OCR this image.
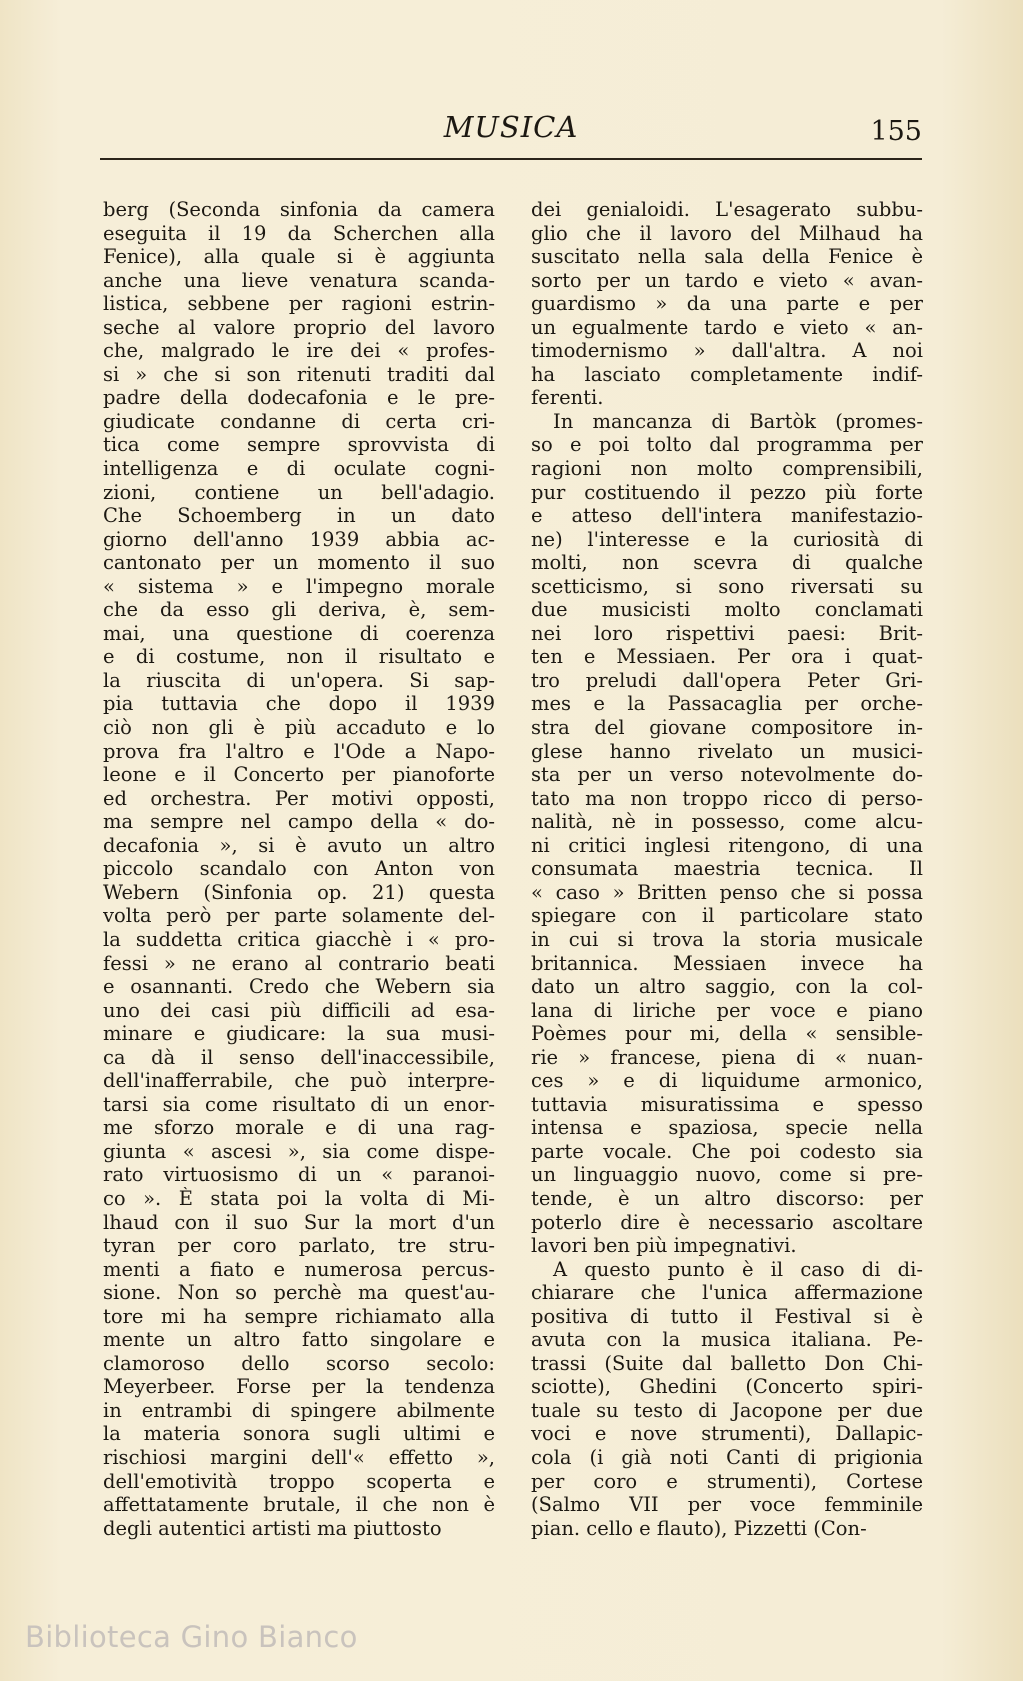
MUSICA	155
berg (Seconda sinfonia da camera
eseguita il 19 da Scherchen alla
Fenice), alla quale si è aggiunta
anche una lieve venatura scanda-
listica, sebbene per ragioni estrin-
seche al valore proprio del lavoro
che, malgrado le ire dei « profes-
si » che si son ritenuti traditi dal
padre della dodecafonia e le pre-
giudicate condanne di certa cri-
tica come sempre sprovvista di
intelligenza e di oculate cogni-
zioni, contiene un bell'adagio.
Che Schoemberg in un dato
giorno dell'anno 1939 abbia ac-
cantonato per un momento il suo
« sistema » e l'impegno morale
che da esso gli deriva, è, sem-
mai, una questione di coerenza
e di costume, non il risultato e
la riuscita di un'opera. Si sap-
pia tuttavia che dopo il 1939
ciò non gli è più accaduto e lo
prova fra l'altro e l'Ode a Napo-
leone e il Concerto per pianoforte
ed orchestra. Per motivi opposti,
ma sempre nel campo della « do-
decafonia », si è avuto un altro
piccolo scandalo con Anton von
Webern (Sinfonia op. 21) questa
volta però per parte solamente del-
la suddetta critica giacchè i « pro-
fessi » ne erano al contrario beati
e osannanti. Credo che Webern sia
uno dei casi più difficili ad esa-
minare e giudicare: la sua musi-
ca dà il senso dell'inaccessibile,
dell'inafferrabile, che può interpre-
tarsi sia come risultato di un enor-
me sforzo morale e di una rag-
giunta « ascesi », sia come dispe-
rato virtuosismo di un « paranoi-
co ». È stata poi la volta di Mi-
lhaud con il suo Sur la mort d'un
tyran per coro parlato, tre stru-
menti a fiato e numerosa percus-
sione. Non so perchè ma quest'au-
tore mi ha sempre richiamato alla
mente un altro fatto singolare e
clamoroso dello scorso secolo:
Meyerbeer. Forse per la tendenza
in entrambi di spingere abilmente
la materia sonora sugli ultimi e
rischiosi margini dell'« effetto »,
dell'emotività troppo scoperta e
affettatamente brutale, il che non è
degli autentici artisti ma piuttosto
dei genialoidi. L'esagerato subbu-
glio che il lavoro del Milhaud ha
suscitato nella sala della Fenice è
sorto per un tardo e vieto « avan-
guardismo » da una parte e per
un egualmente tardo e vieto « an-
timodernismo » dall'altra. A noi
ha lasciato completamente indif-
ferenti.
In mancanza di Bartòk (promes-
so e poi tolto dal programma per
ragioni non molto comprensibili,
pur costituendo il pezzo più forte
e atteso dell'intera manifestazio-
ne) l'interesse e la curiosità di
molti, non scevra di qualche
scetticismo, si sono riversati su
due musicisti molto conclamati
nei loro rispettivi paesi: Brit-
ten e Messiaen. Per ora i quat-
tro preludi dall'opera Peter Gri-
mes e la Passacaglia per orche-
stra del giovane compositore in-
glese hanno rivelato un musici-
sta per un verso notevolmente do-
tato ma non troppo ricco di perso-
nalità, nè in possesso, come alcu-
ni critici inglesi ritengono, di una
consumata maestria tecnica. Il
« caso » Britten penso che si possa
spiegare con il particolare stato
in cui si trova la storia musicale
britannica. Messiaen invece ha
dato un altro saggio, con la col-
lana di liriche per voce e piano
Poèmes pour mi, della « sensible-
rie » francese, piena di « nuan-
ces » e di liquidume armonico,
tuttavia misuratissima e spesso
intensa e spaziosa, specie nella
parte vocale. Che poi codesto sia
un linguaggio nuovo, come si pre-
tende, è un altro discorso: per
poterlo dire è necessario ascoltare
lavori ben più impegnativi.
A questo punto è il caso di di-
chiarare che l'unica affermazione
positiva di tutto il Festival si è
avuta con la musica italiana. Pe-
trassi (Suite dal balletto Don Chi-
sciotte), Ghedini (Concerto spiri-
tuale su testo di Jacopone per due
voci e nove strumenti), Dallapic-
cola (i già noti Canti di prigionia
per coro e strumenti), Cortese
(Salmo VII per voce femminile
pian. cello e flauto), Pizzetti (Con-
Biblioteca Gino Bianco
